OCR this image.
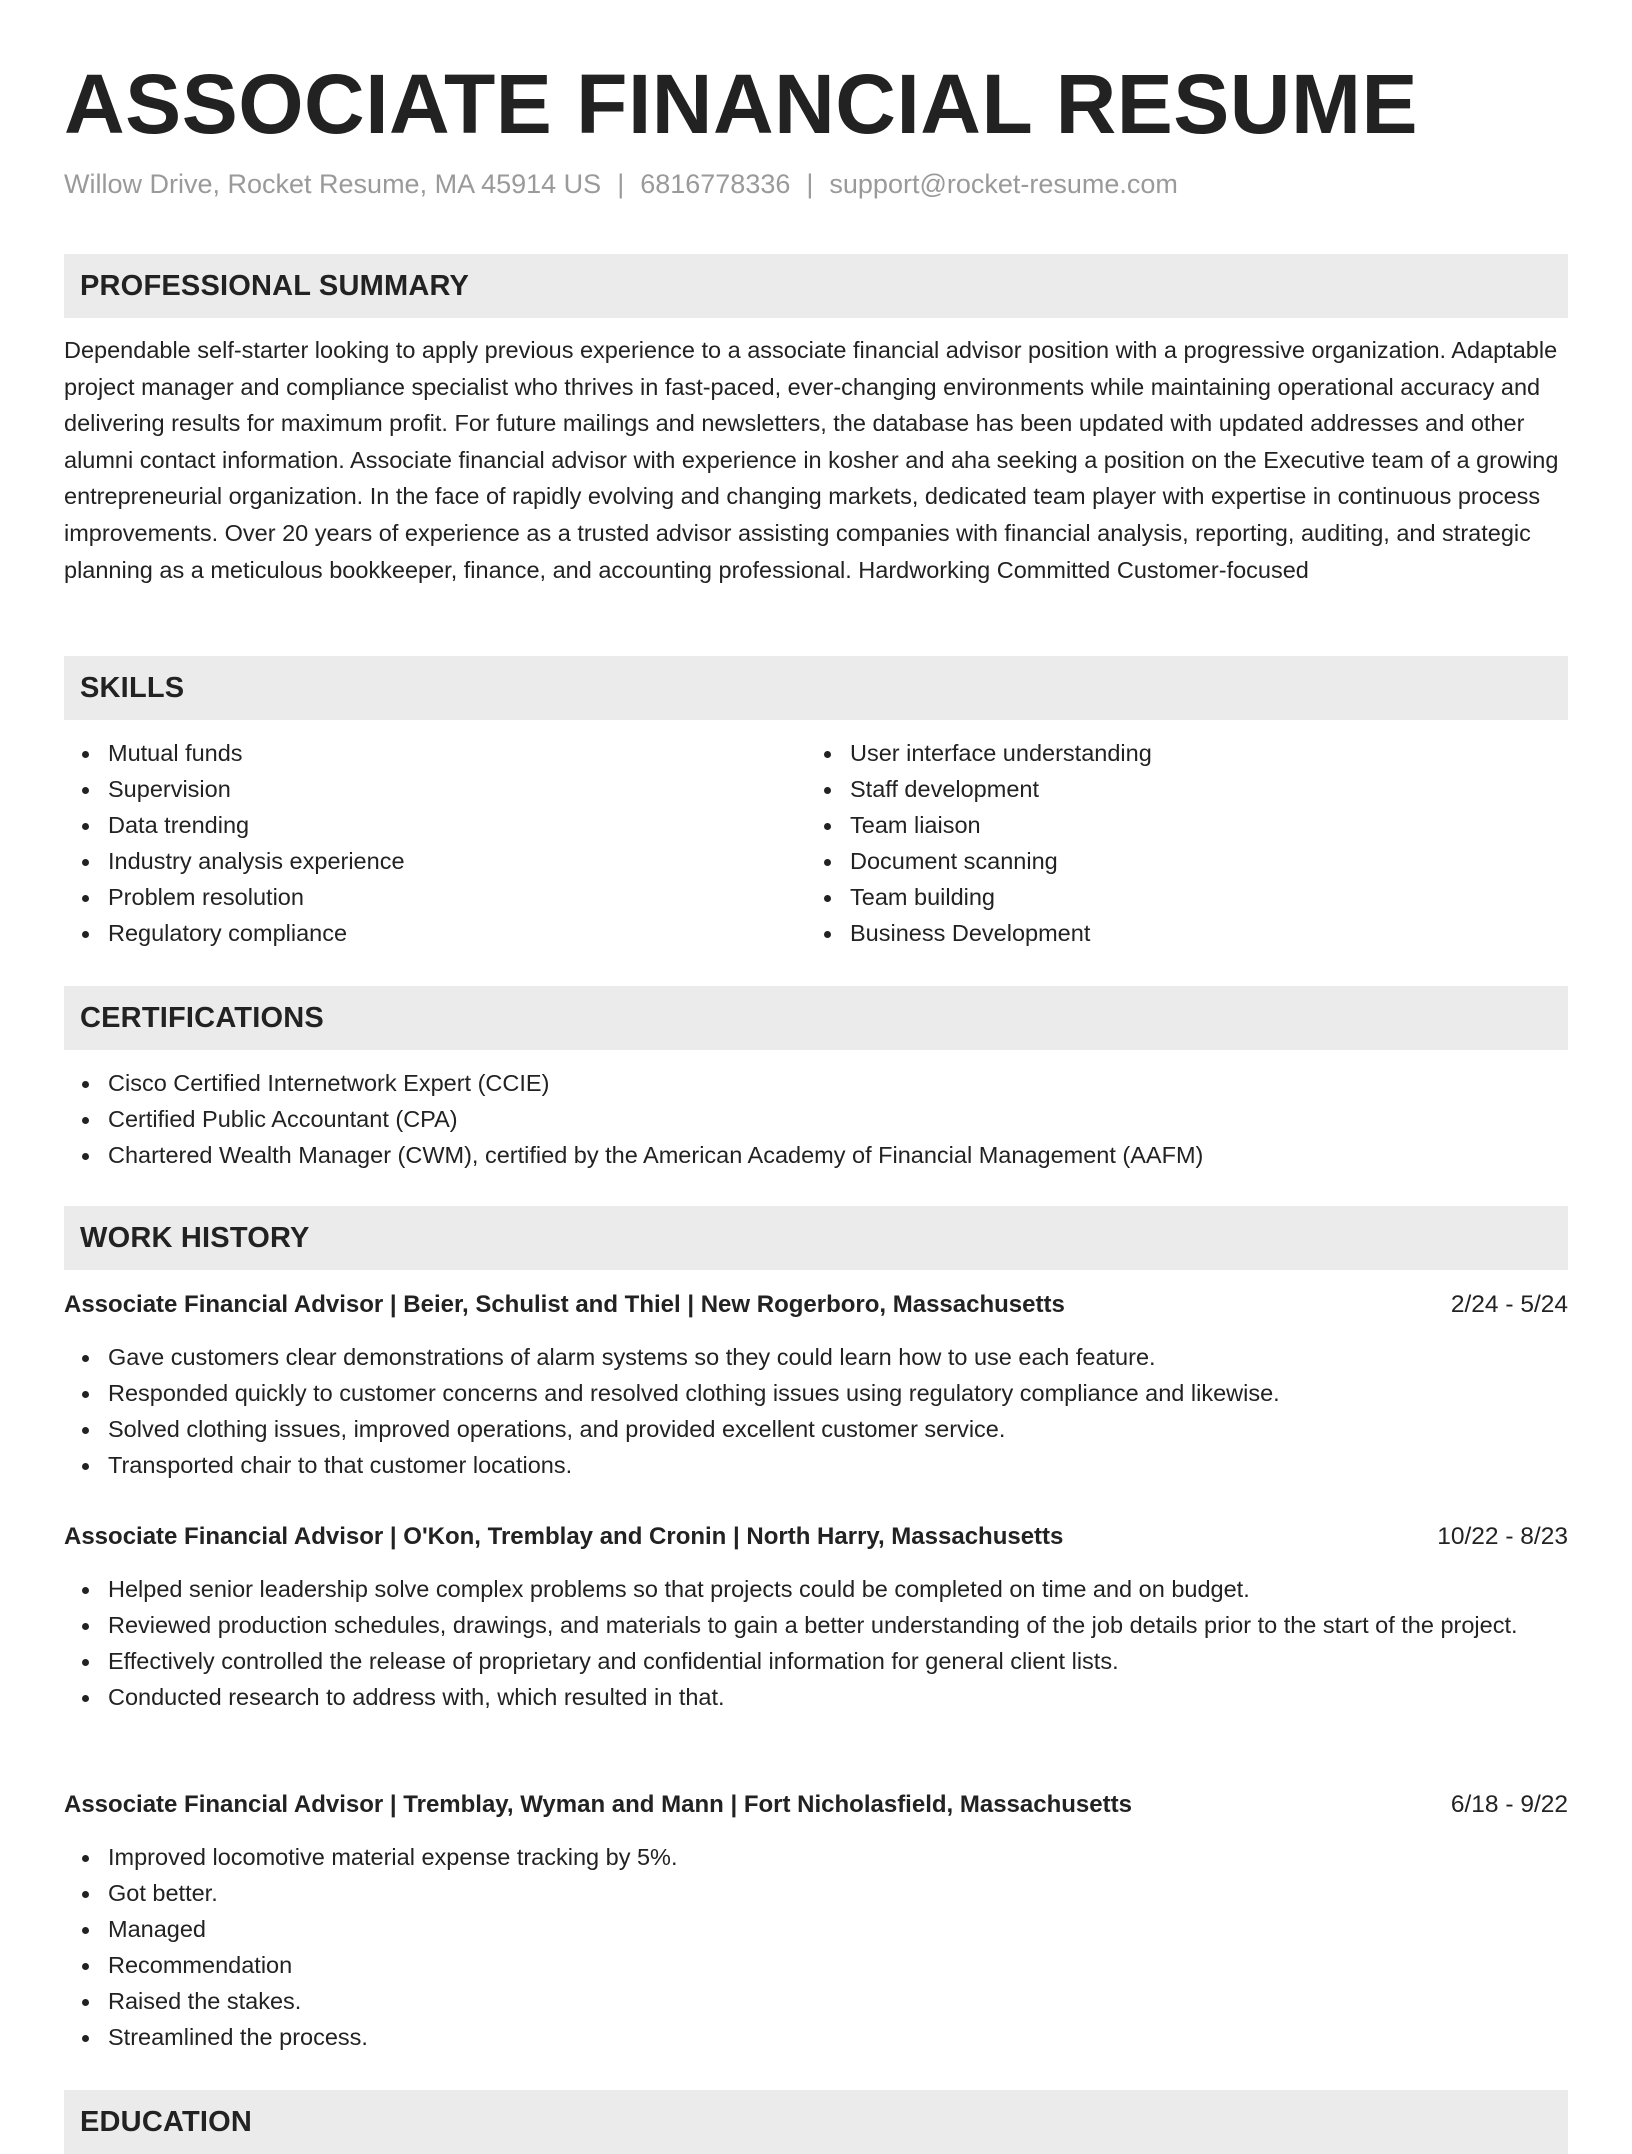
ASSOCIATE FINANCIAL RESUME
Willow Drive, Rocket Resume, MA 45914 US | 6816778336 | support@rocket-resume.com
PROFESSIONAL SUMMARY

Dependable self-starter looking to apply previous experience to a associate financial advisor position with a progressive organization. Adaptable project manager and compliance specialist who thrives in fast-paced, ever-changing environments while maintaining operational accuracy and delivering results for maximum profit. For future mailings and newsletters, the database has been updated with updated addresses and other alumni contact information. Associate financial advisor with experience in kosher and aha seeking a position on the Executive team of a growing entrepreneurial organization. In the face of rapidly evolving and changing markets, dedicated team player with expertise in continuous process improvements. Over 20 years of experience as a trusted advisor assisting companies with financial analysis, reporting, auditing, and strategic planning as a meticulous bookkeeper, finance, and accounting professional. Hardworking Committed Customer-focused

SKILLS
Mutual funds
Supervision
Data trending
Industry analysis experience
Problem resolution
Regulatory compliance
User interface understanding
Staff development
Team liaison
Document scanning
Team building
Business Development
CERTIFICATIONS
Cisco Certified Internetwork Expert (CCIE)
Certified Public Accountant (CPA)
Chartered Wealth Manager (CWM), certified by the American Academy of Financial Management (AAFM)
WORK HISTORY
Associate Financial Advisor | Beier, Schulist and Thiel | New Rogerboro, Massachusetts	2/24 - 5/24
Gave customers clear demonstrations of alarm systems so they could learn how to use each feature.
Responded quickly to customer concerns and resolved clothing issues using regulatory compliance and likewise.
Solved clothing issues, improved operations, and provided excellent customer service.
Transported chair to that customer locations.
Associate Financial Advisor | O'Kon, Tremblay and Cronin | North Harry, Massachusetts	10/22 - 8/23
Helped senior leadership solve complex problems so that projects could be completed on time and on budget.
Reviewed production schedules, drawings, and materials to gain a better understanding of the job details prior to the start of the project.
Effectively controlled the release of proprietary and confidential information for general client lists.
Conducted research to address with, which resulted in that.
Associate Financial Advisor | Tremblay, Wyman and Mann | Fort Nicholasfield, Massachusetts	6/18 - 9/22
Improved locomotive material expense tracking by 5%.
Got better.
Managed
Recommendation
Raised the stakes.
Streamlined the process.
EDUCATION
